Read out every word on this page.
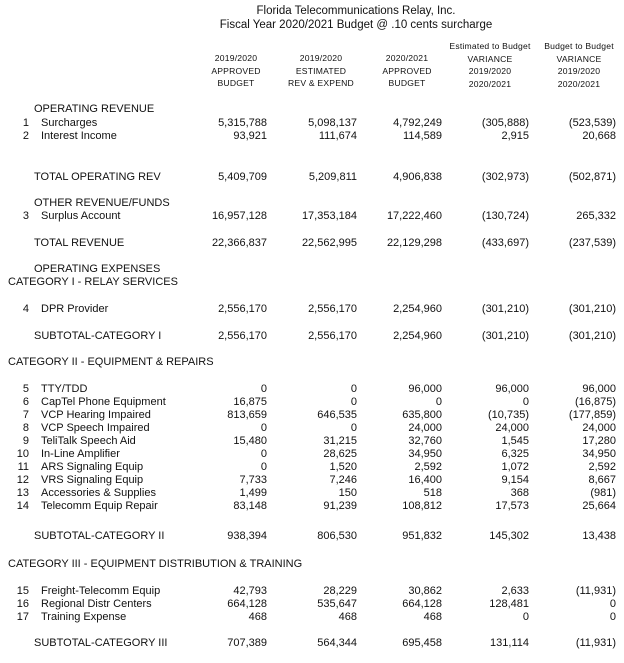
Florida Telecommunications Relay, Inc.
Fiscal Year 2020/2021 Budget @ .10 cents surcharge
2019/2020
APPROVED
BUDGET
2019/2020
ESTIMATED
REV & EXPEND
2020/2021
APPROVED
BUDGET
Estimated to Budget
VARIANCE
2019/2020
2020/2021
Budget to Budget
VARIANCE
2019/2020
2020/2021
OPERATING REVENUE
OTHER REVENUE/FUNDS
OPERATING EXPENSES
CATEGORY I - RELAY SERVICES
CATEGORY II - EQUIPMENT & REPAIRS
CATEGORY III - EQUIPMENT DISTRIBUTION & TRAINING
1 Surcharges	5,315,788	5,098,137	4,792,249	(305,888)	(523,539)
2 Interest Income	93,921	111,674	114,589	2,915	20,668
TOTAL OPERATING REV	5,409,709	5,209,811	4,906,838	(302,973)	(502,871)
3 Surplus Account	16,957,128	17,353,184	17,222,460	(130,724)	265,332
TOTAL REVENUE	22,366,837	22,562,995	22,129,298	(433,697)	(237,539)
4 DPR Provider	2,556,170	2,556,170	2,254,960	(301,210)	(301,210)
SUBTOTAL-CATEGORY I	2,556,170	2,556,170	2,254,960	(301,210)	(301,210)
5 TTY/TDD	0	0	96,000	96,000	96,000
6 CapTel Phone Equipment	16,875	0	0	0	(16,875)
7 VCP Hearing Impaired	813,659	646,535	635,800	(10,735)	(177,859)
8 VCP Speech Impaired	0	0	24,000	24,000	24,000
9 TeliTalk Speech Aid	15,480	31,215	32,760	1,545	17,280
10 In-Line Amplifier	0	28,625	34,950	6,325	34,950
11 ARS Signaling Equip	0	1,520	2,592	1,072	2,592
12 VRS Signaling Equip	7,733	7,246	16,400	9,154	8,667
13 Accessories & Supplies	1,499	150	518	368	(981)
14 Telecomm Equip Repair	83,148	91,239	108,812	17,573	25,664
SUBTOTAL-CATEGORY II	938,394	806,530	951,832	145,302	13,438
15 Freight-Telecomm Equip	42,793	28,229	30,862	2,633	(11,931)
16 Regional Distr Centers	664,128	535,647	664,128	128,481	0
17 Training Expense	468	468	468	0	0
SUBTOTAL-CATEGORY III	707,389	564,344	695,458	131,114	(11,931)
